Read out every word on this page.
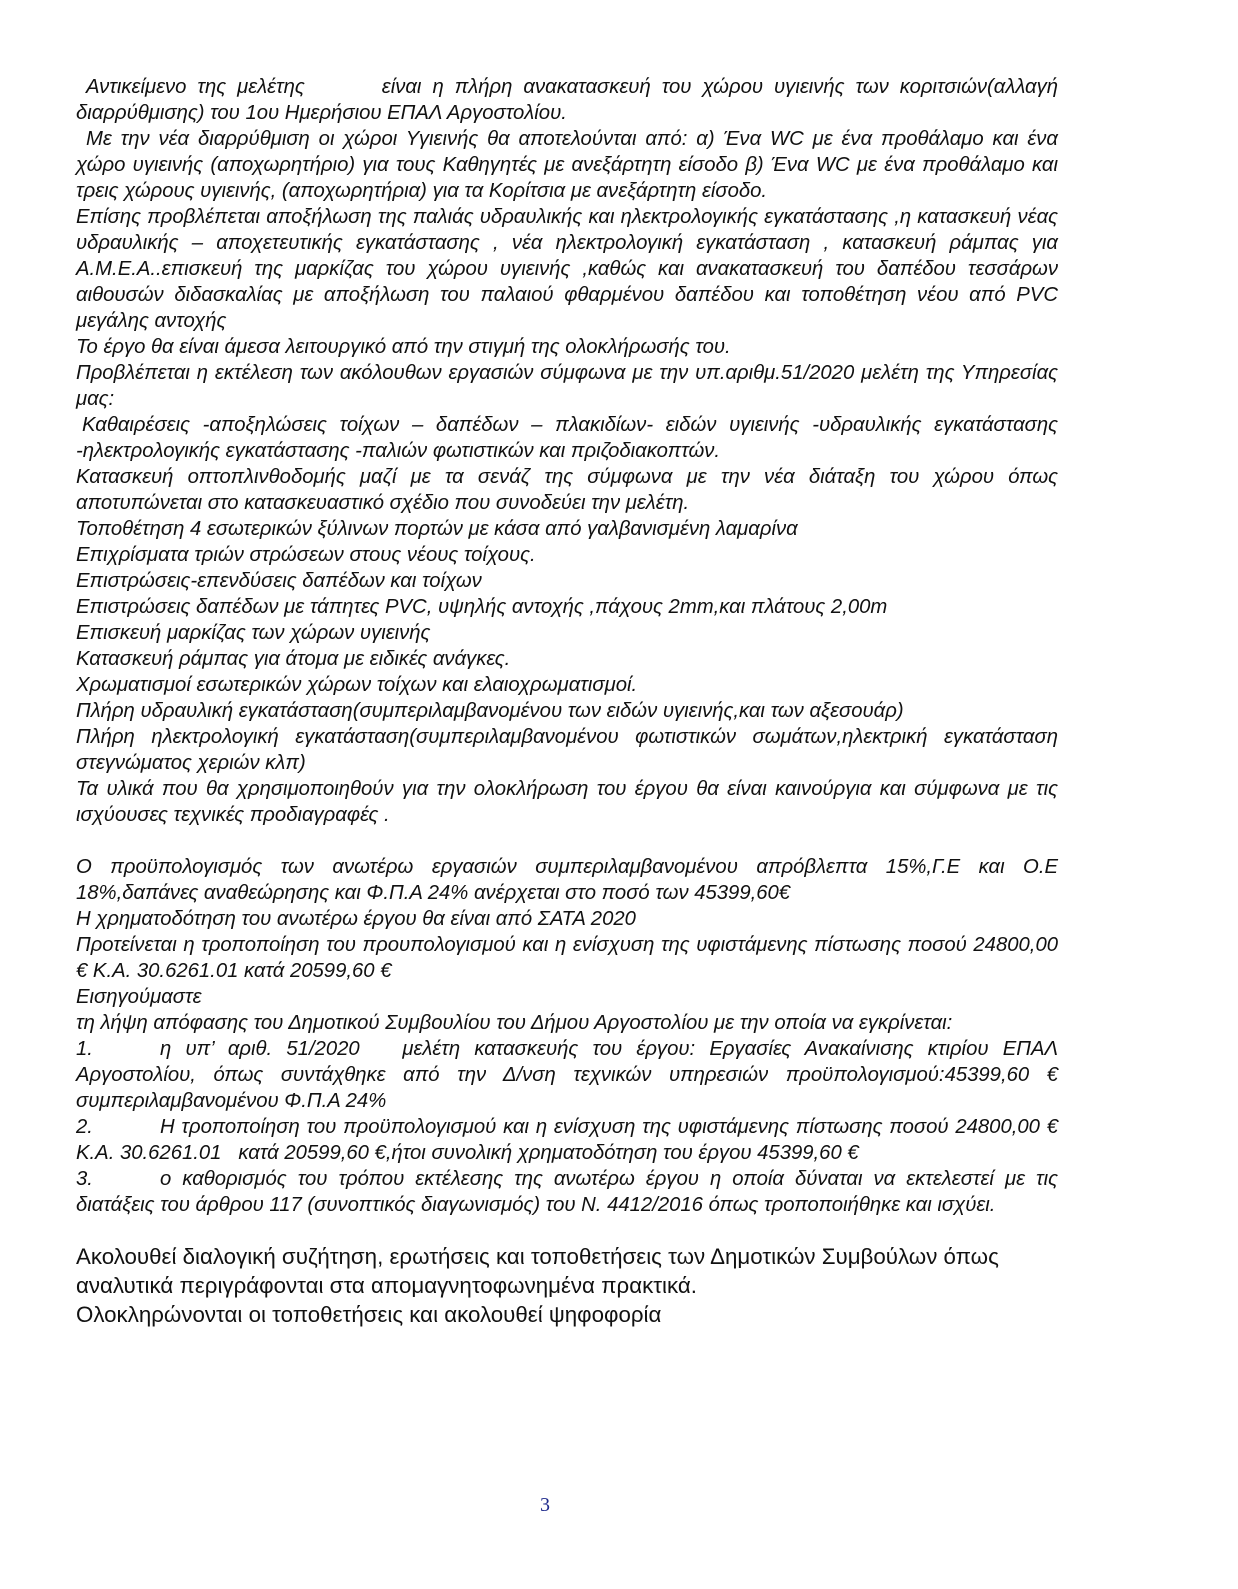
Αντικείμενο της μελέτης       είναι η πλήρη ανακατασκευή του χώρου υγιεινής των κοριτσιών(αλλαγή διαρρύθμισης) του 1ου Ημερήσιου ΕΠΑΛ Αργοστολίου.

Με την νέα διαρρύθμιση οι χώροι Υγιεινής θα αποτελούνται από: α) Ένα WC με ένα προθάλαμο και ένα χώρο υγιεινής (αποχωρητήριο) για τους Καθηγητές με ανεξάρτητη είσοδο β) Ένα WC με ένα προθάλαμο και τρεις χώρους υγιεινής, (αποχωρητήρια) για τα Κορίτσια με ανεξάρτητη είσοδο.

Επίσης προβλέπεται αποξήλωση της παλιάς υδραυλικής και ηλεκτρολογικής εγκατάστασης ,η κατασκευή νέας υδραυλικής – αποχετευτικής εγκατάστασης , νέα ηλεκτρολογική εγκατάσταση , κατασκευή ράμπας για Α.Μ.Ε.Α..επισκευή της μαρκίζας του χώρου υγιεινής ,καθώς και ανακατασκευή του δαπέδου τεσσάρων αιθουσών διδασκαλίας με αποξήλωση του παλαιού φθαρμένου δαπέδου και τοποθέτηση νέου από PVC μεγάλης αντοχής

Το έργο θα είναι άμεσα λειτουργικό από την στιγμή της ολοκλήρωσής του.

Προβλέπεται η εκτέλεση των ακόλουθων εργασιών σύμφωνα με την υπ.αριθμ.51/2020 μελέτη της Υπηρεσίας μας:

Καθαιρέσεις -αποξηλώσεις τοίχων – δαπέδων – πλακιδίων- ειδών υγιεινής -υδραυλικής εγκατάστασης -ηλεκτρολογικής εγκατάστασης -παλιών φωτιστικών και πριζοδιακοπτών.

Κατασκευή οπτοπλινθοδομής μαζί με τα σενάζ της σύμφωνα με την νέα διάταξη του χώρου όπως αποτυπώνεται στο κατασκευαστικό σχέδιο που συνοδεύει την μελέτη.

Τοποθέτηση 4 εσωτερικών ξύλινων πορτών με κάσα από γαλβανισμένη λαμαρίνα

Επιχρίσματα τριών στρώσεων στους νέους τοίχους.

Επιστρώσεις-επενδύσεις δαπέδων και τοίχων

Επιστρώσεις δαπέδων με τάπητες PVC, υψηλής αντοχής ,πάχους 2mm,και πλάτους 2,00m

Επισκευή μαρκίζας των χώρων υγιεινής

Κατασκευή ράμπας για άτομα με ειδικές ανάγκες.

Χρωματισμοί εσωτερικών χώρων τοίχων και ελαιοχρωματισμοί.

Πλήρη υδραυλική εγκατάσταση(συμπεριλαμβανομένου των ειδών υγιεινής,και των αξεσουάρ)

Πλήρη ηλεκτρολογική εγκατάσταση(συμπεριλαμβανομένου φωτιστικών σωμάτων,ηλεκτρική εγκατάσταση στεγνώματος χεριών κλπ)

Τα υλικά που θα χρησιμοποιηθούν για την ολοκλήρωση του έργου θα είναι καινούργια και σύμφωνα με τις ισχύουσες τεχνικές προδιαγραφές .

Ο προϋπολογισμός των ανωτέρω εργασιών συμπεριλαμβανομένου απρόβλεπτα 15%,Γ.Ε και Ο.Ε 18%,δαπάνες αναθεώρησης και Φ.Π.Α 24% ανέρχεται στο ποσό των 45399,60€

Η χρηματοδότηση του ανωτέρω έργου θα είναι από ΣΑΤΑ 2020

Προτείνεται η τροποποίηση του προυπολογισμού και η ενίσχυση της υφιστάμενης πίστωσης ποσού 24800,00 € Κ.Α. 30.6261.01 κατά 20599,60 €

Εισηγούμαστε

τη λήψη απόφασης του Δημοτικού Συμβουλίου του Δήμου Αργοστολίου με την οποία να εγκρίνεται:

1.	η υπ’ αριθ. 51/2020   μελέτη κατασκευής του έργου: Εργασίες Ανακαίνισης κτιρίου ΕΠΑΛ Αργοστολίου, όπως συντάχθηκε από την Δ/νση τεχνικών υπηρεσιών προϋπολογισμού:45399,60 € συμπεριλαμβανομένου Φ.Π.Α 24%

2.	Η τροποποίηση του προϋπολογισμού και η ενίσχυση της υφιστάμενης πίστωσης ποσού 24800,00 € Κ.Α. 30.6261.01   κατά 20599,60 €,ήτοι συνολική χρηματοδότηση του έργου 45399,60 €

3.	ο καθορισμός του τρόπου εκτέλεσης της ανωτέρω έργου η οποία δύναται να εκτελεστεί με τις διατάξεις του άρθρου 117 (συνοπτικός διαγωνισμός) του Ν. 4412/2016 όπως τροποποιήθηκε και ισχύει.

Ακολουθεί διαλογική συζήτηση, ερωτήσεις και τοποθετήσεις των Δημοτικών Συμβούλων όπως αναλυτικά περιγράφονται στα απομαγνητοφωνημένα πρακτικά.

Ολοκληρώνονται οι τοποθετήσεις και ακολουθεί ψηφοφορία

3
